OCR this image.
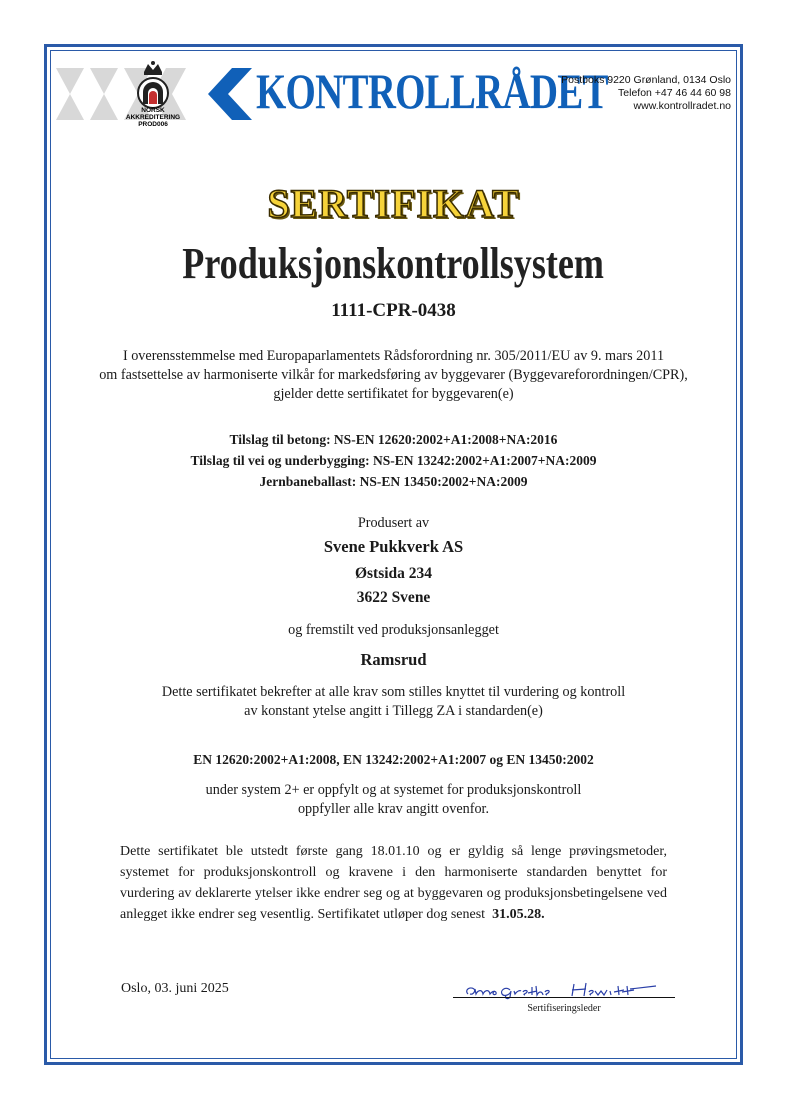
NORSK
AKKREDITERING
PROD006
KONTROLLRÅDET
Postboks 9220 Grønland, 0134 Oslo
Telefon +47 46 44 60 98
www.kontrollradet.no
SERTIFIKAT
Produksjonskontrollsystem
1111-CPR-0438
I overensstemmelse med Europaparlamentets Rådsforordning nr. 305/2011/EU av 9. mars 2011
om fastsettelse av harmoniserte vilkår for markedsføring av byggevarer (Byggevareforordningen/CPR),
gjelder dette sertifikatet for byggevaren(e)
Tilslag til betong: NS-EN 12620:2002+A1:2008+NA:2016
Tilslag til vei og underbygging: NS-EN 13242:2002+A1:2007+NA:2009
Jernbaneballast: NS-EN 13450:2002+NA:2009
Produsert av
Svene Pukkverk AS
Østsida 234
3622 Svene
og fremstilt ved produksjonsanlegget
Ramsrud
Dette sertifikatet bekrefter at alle krav som stilles knyttet til vurdering og kontroll
av konstant ytelse angitt i Tillegg ZA i standarden(e)
EN 12620:2002+A1:2008, EN 13242:2002+A1:2007 og EN 13450:2002
under system 2+ er oppfylt og at systemet for produksjonskontroll
oppfyller alle krav angitt ovenfor.
Dette sertifikatet ble utstedt første gang 18.01.10 og er gyldig så lenge prøvingsmetoder, systemet for produksjonskontroll og kravene i den harmoniserte standarden benyttet for vurdering av deklarerte ytelser ikke endrer seg og at byggevaren og produksjonsbetingelsene ved anlegget ikke endrer seg vesentlig. Sertifikatet utløper dog senest 31.05.28.
Oslo, 03. juni 2025
Sertifiseringsleder
